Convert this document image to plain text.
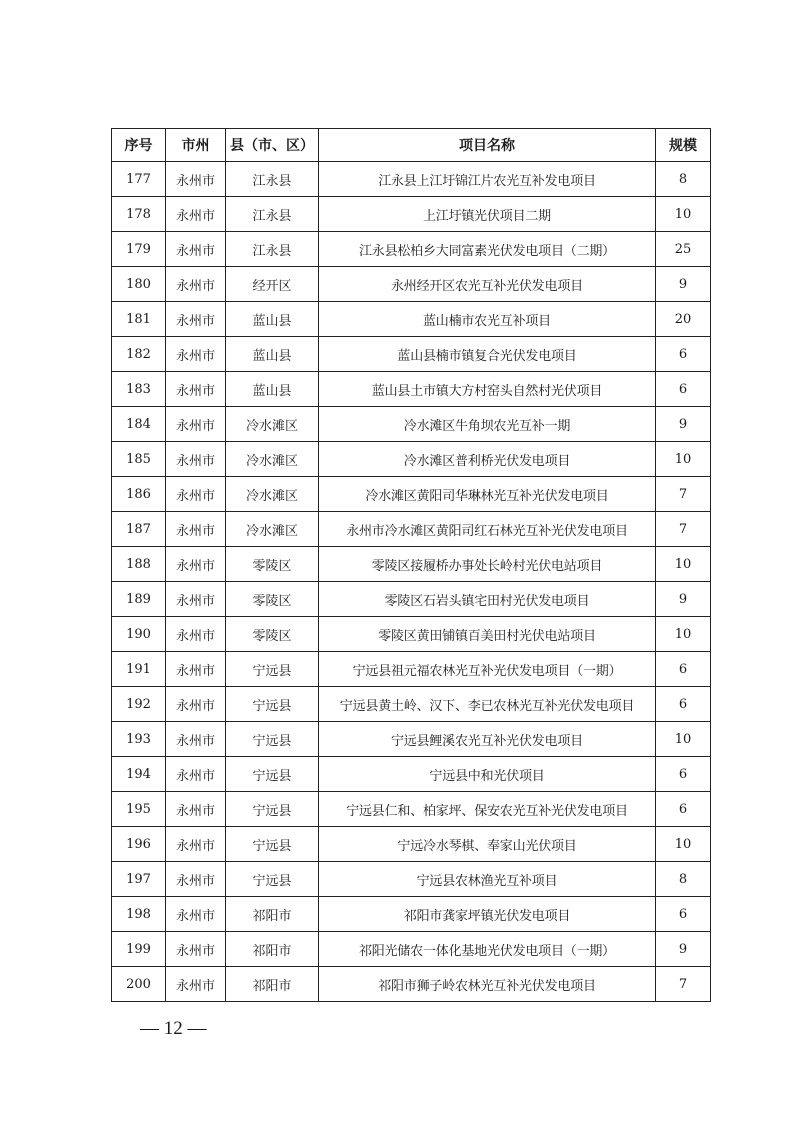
序号	市州	县（市、区）	项目名称	规模
177	永州市	江永县	江永县上江圩锦江片农光互补发电项目	8
178	永州市	江永县	上江圩镇光伏项目二期	10
179	永州市	江永县	江永县松柏乡大同富素光伏发电项目（二期）	25
180	永州市	经开区	永州经开区农光互补光伏发电项目	9
181	永州市	蓝山县	蓝山楠市农光互补项目	20
182	永州市	蓝山县	蓝山县楠市镇复合光伏发电项目	6
183	永州市	蓝山县	蓝山县土市镇大方村窑头自然村光伏项目	6
184	永州市	冷水滩区	冷水滩区牛角坝农光互补一期	9
185	永州市	冷水滩区	冷水滩区普利桥光伏发电项目	10
186	永州市	冷水滩区	冷水滩区黄阳司华琳林光互补光伏发电项目	7
187	永州市	冷水滩区	永州市冷水滩区黄阳司红石林光互补光伏发电项目	7
188	永州市	零陵区	零陵区接履桥办事处长岭村光伏电站项目	10
189	永州市	零陵区	零陵区石岩头镇宅田村光伏发电项目	9
190	永州市	零陵区	零陵区黄田铺镇百美田村光伏电站项目	10
191	永州市	宁远县	宁远县祖元福农林光互补光伏发电项目（一期）	6
192	永州市	宁远县	宁远县黄土岭、汉下、李已农林光互补光伏发电项目	6
193	永州市	宁远县	宁远县鲤溪农光互补光伏发电项目	10
194	永州市	宁远县	宁远县中和光伏项目	6
195	永州市	宁远县	宁远县仁和、柏家坪、保安农光互补光伏发电项目	6
196	永州市	宁远县	宁远冷水琴棋、奉家山光伏项目	10
197	永州市	宁远县	宁远县农林渔光互补项目	8
198	永州市	祁阳市	祁阳市龚家坪镇光伏发电项目	6
199	永州市	祁阳市	祁阳光储农一体化基地光伏发电项目（一期）	9
200	永州市	祁阳市	祁阳市狮子岭农林光互补光伏发电项目	7
— 12 —
